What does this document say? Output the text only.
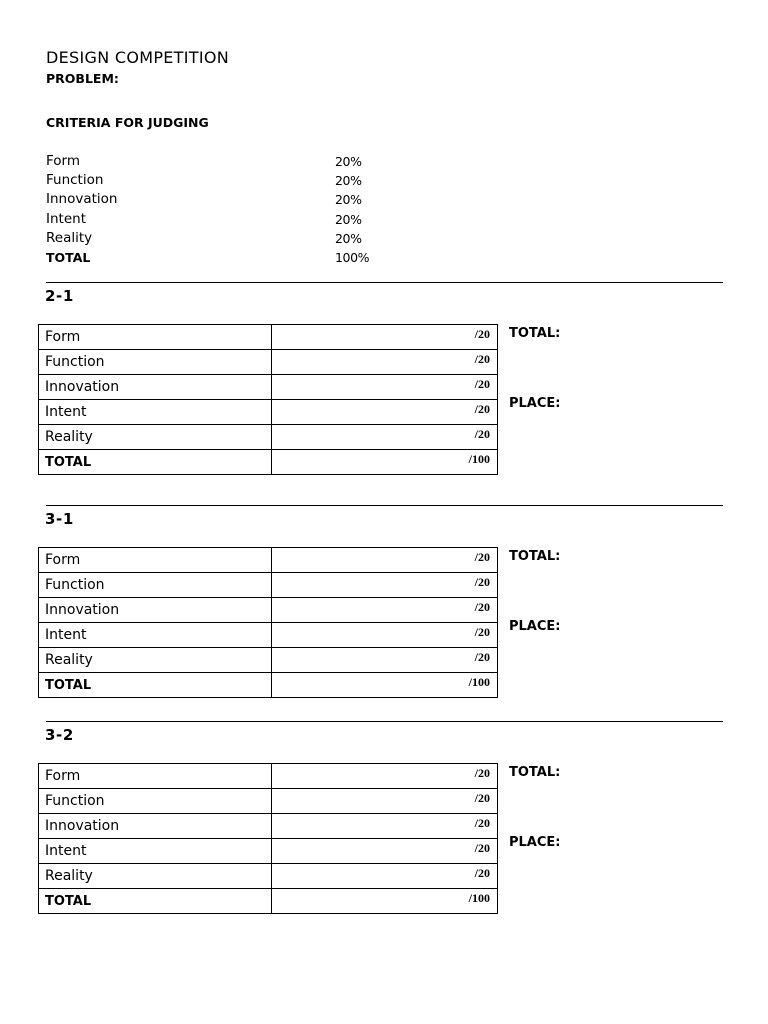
DESIGN COMPETITION
PROBLEM:
CRITERIA FOR JUDGING
Form	20%
Function	20%
Innovation	20%
Intent	20%
Reality	20%
TOTAL	100%
2-1
Form	/20
Function	/20
Innovation	/20
Intent	/20
Reality	/20
TOTAL	/100
TOTAL:
PLACE:
3-1
Form	/20
Function	/20
Innovation	/20
Intent	/20
Reality	/20
TOTAL	/100
TOTAL:
PLACE:
3-2
Form	/20
Function	/20
Innovation	/20
Intent	/20
Reality	/20
TOTAL	/100
TOTAL:
PLACE:
